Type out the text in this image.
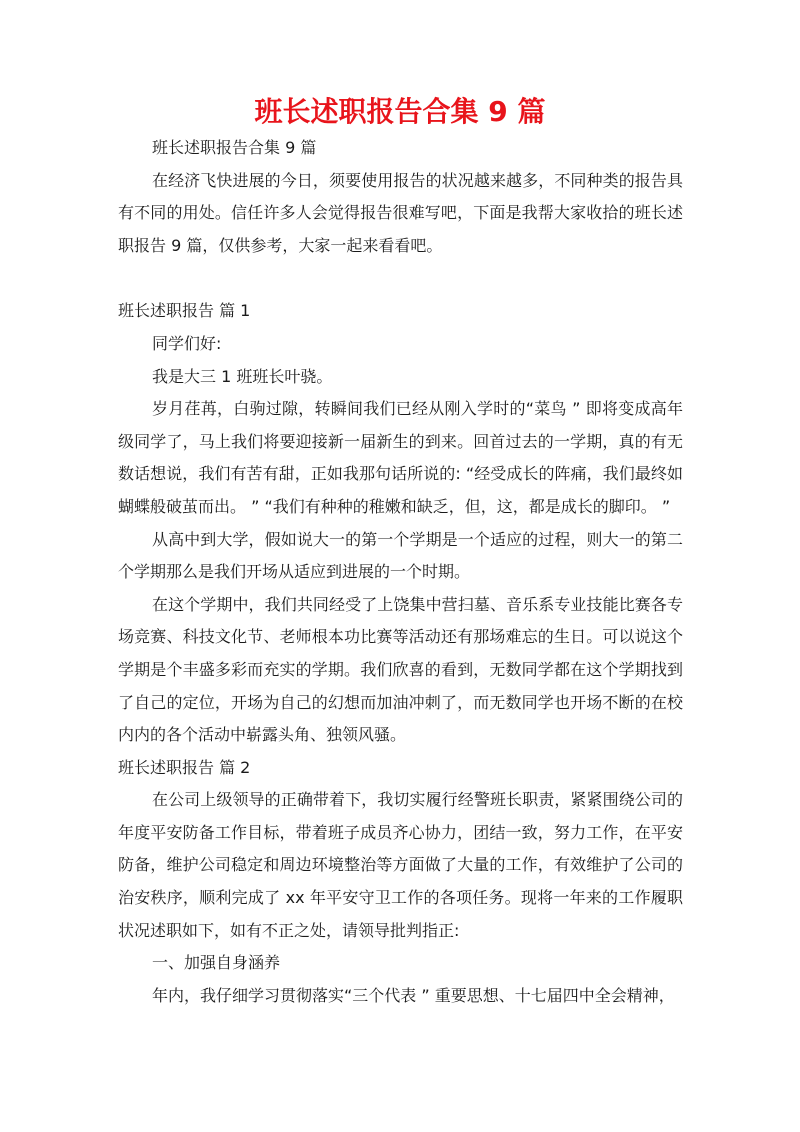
班长述职报告合集 9 篇

班长述职报告合集 9 篇

在经济飞快进展的今日，须要使用报告的状况越来越多，不同种类的报告具有不同的用处。信任许多人会觉得报告很难写吧，下面是我帮大家收拾的班长述职报告 9 篇，仅供参考，大家一起来看看吧。

班长述职报告 篇 1

同学们好:

我是大三 1 班班长叶骁。

岁月荏苒，白驹过隙，转瞬间我们已经从刚入学时的“菜鸟 ” 即将变成高年级同学了，马上我们将要迎接新一届新生的到来。回首过去的一学期，真的有无数话想说，我们有苦有甜，正如我那句话所说的: “经受成长的阵痛，我们最终如蝴蝶般破茧而出。 ” “我们有种种的稚嫩和缺乏，但，这，都是成长的脚印。 ”

从高中到大学，假如说大一的第一个学期是一个适应的过程，则大一的第二个学期那么是我们开场从适应到进展的一个时期。

在这个学期中，我们共同经受了上饶集中营扫墓、音乐系专业技能比赛各专场竞赛、科技文化节、老师根本功比赛等活动还有那场难忘的生日。可以说这个学期是个丰盛多彩而充实的学期。我们欣喜的看到，无数同学都在这个学期找到了自己的定位，开场为自己的幻想而加油冲刺了，而无数同学也开场不断的在校内内的各个活动中崭露头角、独领风骚。

班长述职报告 篇 2

在公司上级领导的正确带着下，我切实履行经警班长职责，紧紧围绕公司的年度平安防备工作目标，带着班子成员齐心协力，团结一致，努力工作，在平安防备，维护公司稳定和周边环境整治等方面做了大量的工作，有效维护了公司的治安秩序，顺利完成了 xx 年平安守卫工作的各项任务。现将一年来的工作履职状况述职如下，如有不正之处，请领导批判指正:

一、加强自身涵养

年内，我仔细学习贯彻落实“三个代表 ” 重要思想、十七届四中全会精神，
